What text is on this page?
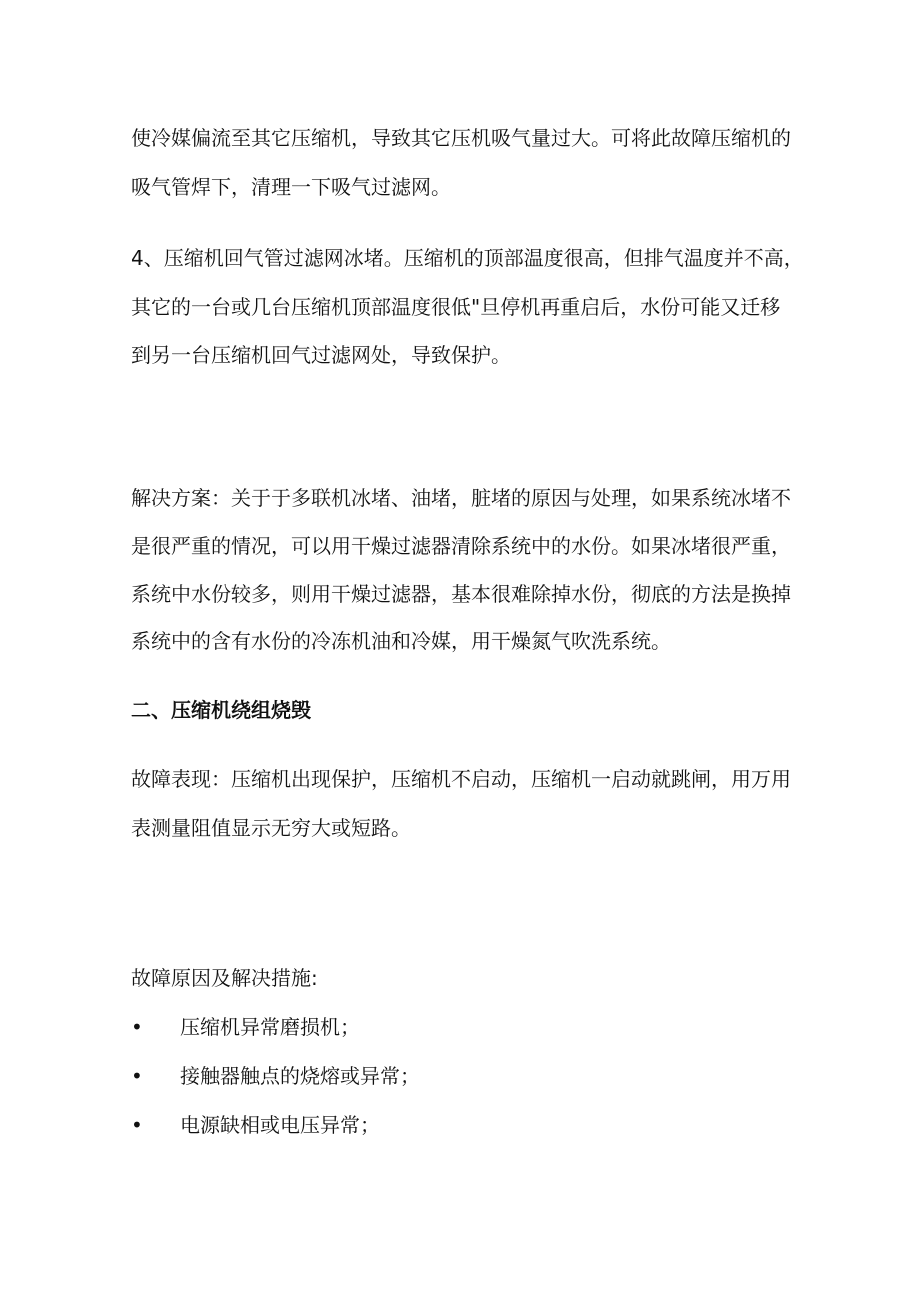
使冷媒偏流至其它压缩机，导致其它压机吸气量过大。可将此故障压缩机的
吸气管焊下，清理一下吸气过滤网。
4、压缩机回气管过滤网冰堵。压缩机的顶部温度很高，但排气温度并不高，
其它的一台或几台压缩机顶部温度很低"旦停机再重启后，水份可能又迁移
到另一台压缩机回气过滤网处，导致保护。
解决方案：关于于多联机冰堵、油堵，脏堵的原因与处理，如果系统冰堵不
是很严重的情况，可以用干燥过滤器清除系统中的水份。如果冰堵很严重，
系统中水份较多，则用干燥过滤器，基本很难除掉水份，彻底的方法是换掉
系统中的含有水份的冷冻机油和冷媒，用干燥氮气吹洗系统。
二、压缩机绕组烧毁
故障表现：压缩机出现保护，压缩机不启动，压缩机一启动就跳闸，用万用
表测量阻值显示无穷大或短路。
故障原因及解决措施:
• 压缩机异常磨损机；
• 接触器触点的烧熔或异常；
• 电源缺相或电压异常；
